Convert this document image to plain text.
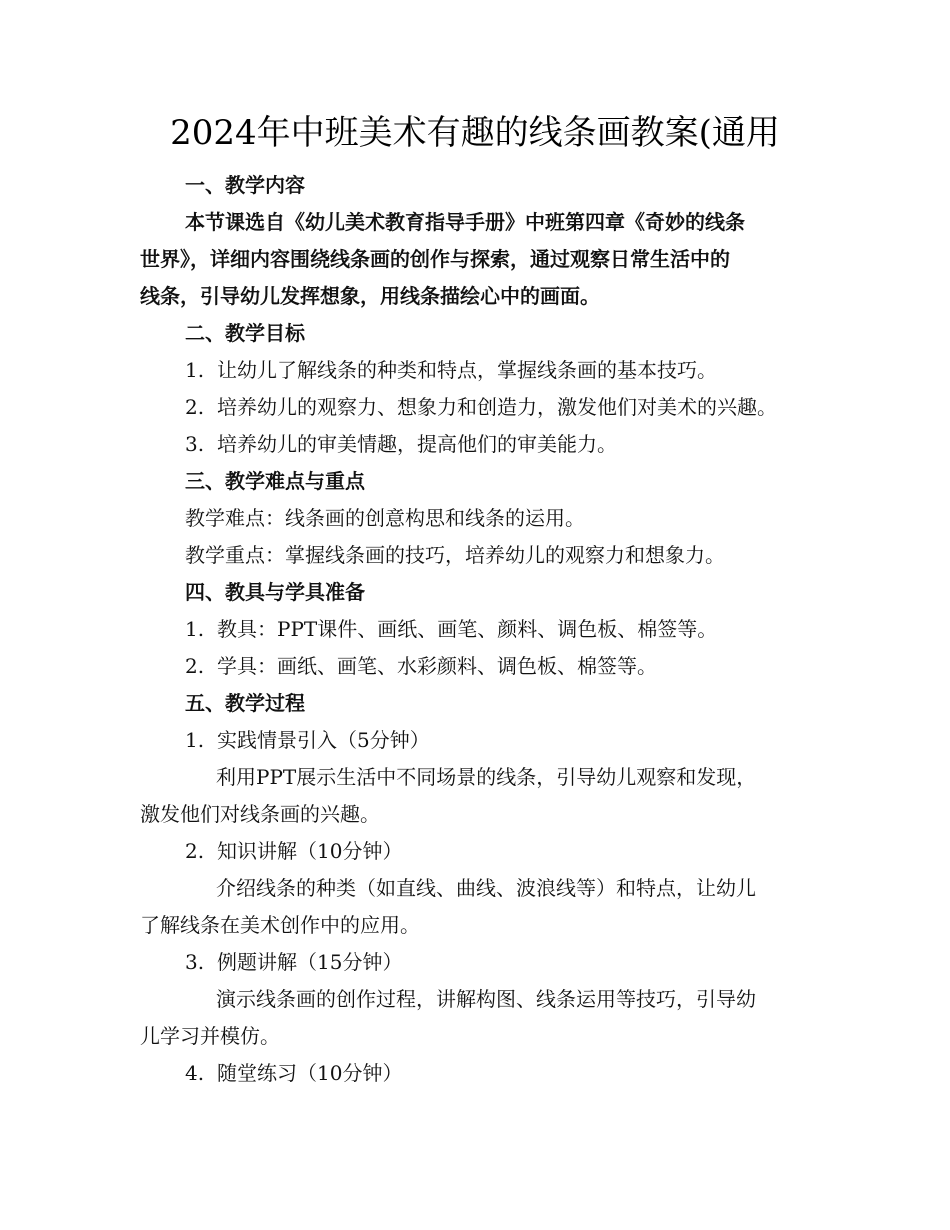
2024年中班美术有趣的线条画教案(通用
一、教学内容
本节课选自《幼儿美术教育指导手册》中班第四章《奇妙的线条
世界》，详细内容围绕线条画的创作与探索，通过观察日常生活中的
线条，引导幼儿发挥想象，用线条描绘心中的画面。
二、教学目标
1. 让幼儿了解线条的种类和特点，掌握线条画的基本技巧。
2. 培养幼儿的观察力、想象力和创造力，激发他们对美术的兴趣。
3. 培养幼儿的审美情趣，提高他们的审美能力。
三、教学难点与重点
教学难点：线条画的创意构思和线条的运用。
教学重点：掌握线条画的技巧，培养幼儿的观察力和想象力。
四、教具与学具准备
1. 教具：PPT课件、画纸、画笔、颜料、调色板、棉签等。
2. 学具：画纸、画笔、水彩颜料、调色板、棉签等。
五、教学过程
1. 实践情景引入（5分钟）
利用PPT展示生活中不同场景的线条，引导幼儿观察和发现，
激发他们对线条画的兴趣。
2. 知识讲解（10分钟）
介绍线条的种类（如直线、曲线、波浪线等）和特点，让幼儿
了解线条在美术创作中的应用。
3. 例题讲解（15分钟）
演示线条画的创作过程，讲解构图、线条运用等技巧，引导幼
儿学习并模仿。
4. 随堂练习（10分钟）
